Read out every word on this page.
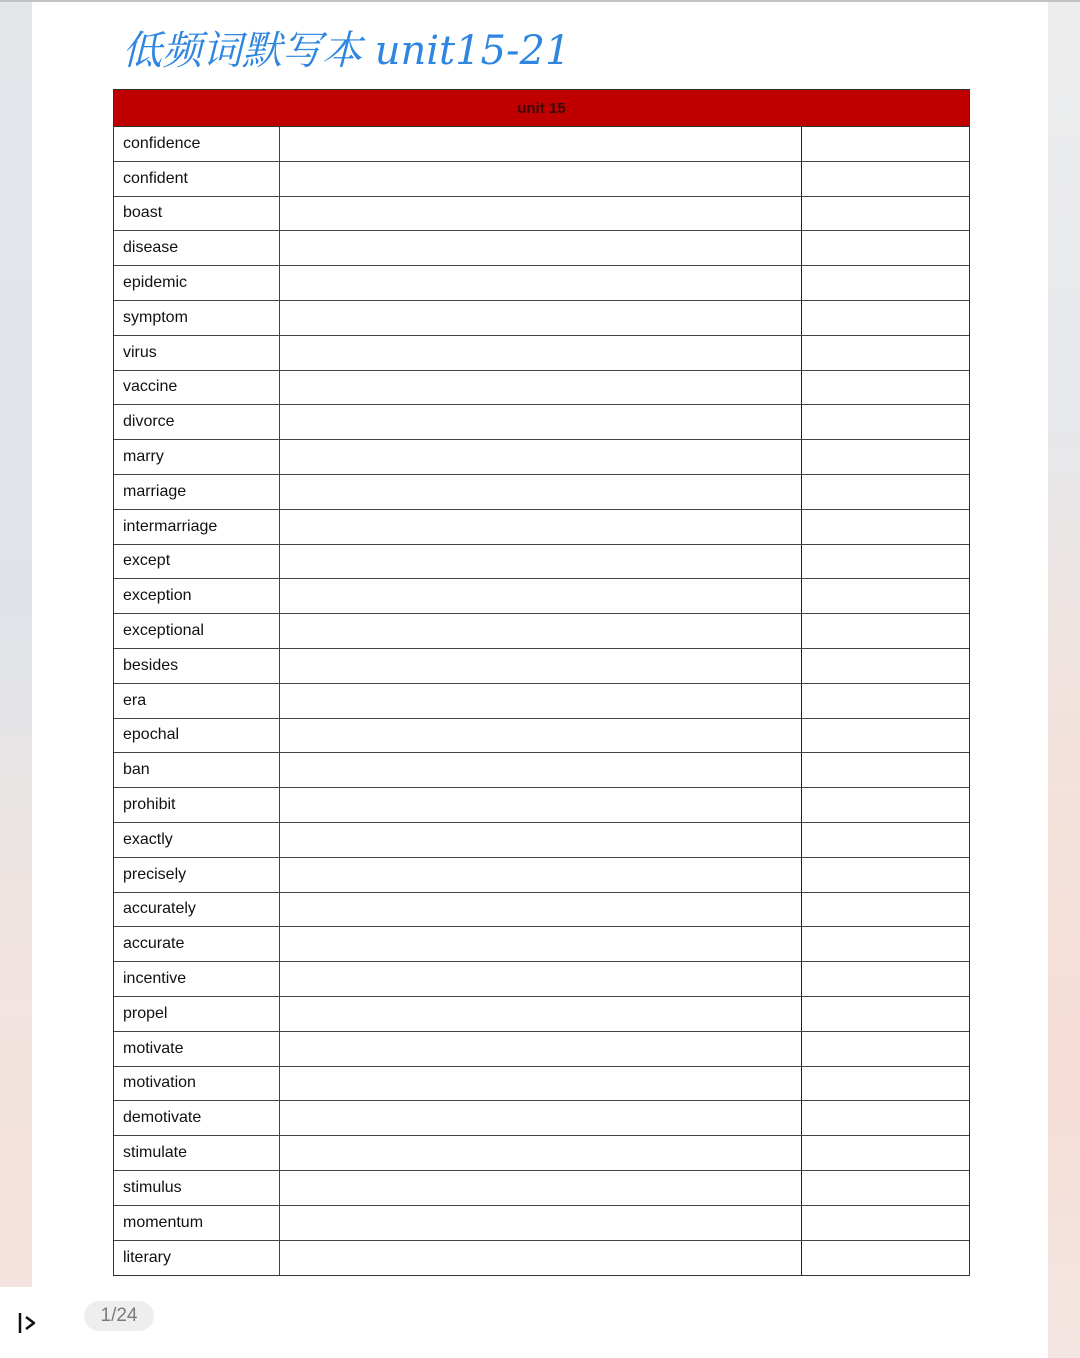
低频词默写本 unit15-21
unit 15
confidence
confident
boast
disease
epidemic
symptom
virus
vaccine
divorce
marry
marriage
intermarriage
except
exception
exceptional
besides
era
epochal
ban
prohibit
exactly
precisely
accurately
accurate
incentive
propel
motivate
motivation
demotivate
stimulate
stimulus
momentum
literary
1/24
